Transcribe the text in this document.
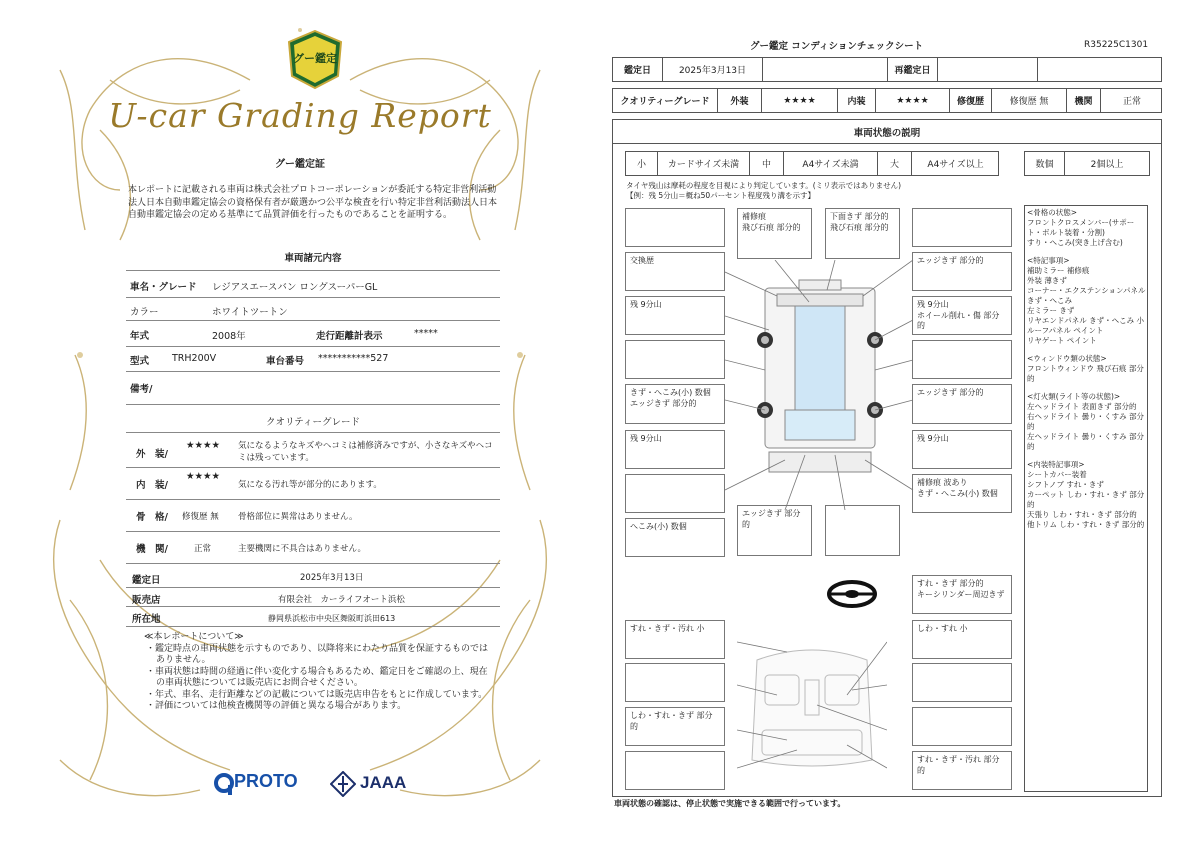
グー鑑定
U-car Grading Report
グー鑑定証
本レポートに記載される車両は株式会社プロトコーポレーションが委託する特定非営利活動法人日本自動車鑑定協会の資格保有者が厳選かつ公平な検査を行い特定非営利活動法人日本自動車鑑定協会の定める基準にて品質評価を行ったものであることを証明する。
車両諸元内容
車名・グレード レジアスエースバン ロングスーパーGL
カラー	ホワイトツートン
年式	2008年	走行距離計表示	*****
型式 TRH200V	車台番号 ***********527
備考/
クオリティーグレード
外　装/
★★★★ 気になるようなキズやヘコミは補修済みですが、小さなキズやヘコミは残っています。
内　装/
★★★★
気になる汚れ等が部分的にあります。
骨　格/ 修復歴 無 骨格部位に異常はありません。
機　関/	正常	主要機関に不具合はありません。
鑑定日	2025年3月13日
販売店	有限会社　カーライフオート浜松
所在地	静岡県浜松市中央区舞阪町浜田613
≪本レポートについて≫
・鑑定時点の車両状態を示すものであり、以降将来にわたり品質を保証するものではありません。
・車両状態は時間の経過に伴い変化する場合もあるため、鑑定日をご確認の上、現在の車両状態については販売店にお問合せください。
・年式、車名、走行距離などの記載については販売店申告をもとに作成しています。
・評価については他検査機関等の評価と異なる場合があります。
PROTO	JAAA
グー鑑定 コンディションチェックシート	R35225C1301
鑑定日	2025年3月13日	再鑑定日
クオリティーグレード	外装	★★★★	内装	★★★★	修復歴	修復歴 無	機関	正常
車両状態の説明
小	カードサイズ未満	中	A4サイズ未満	大	A4サイズ以上	数個	2個以上
タイヤ残山は摩耗の程度を目視により判定しています。(ミリ表示ではありません)
【例：残 5分山＝概ね50パーセント程度残り溝を示す】
補修痕
飛び石痕 部分的
下面きず 部分的
飛び石痕 部分的
交換歴	エッジきず 部分的
残 9分山	残 9分山
ホイール削れ・傷 部分的
きず・へこみ(小) 数個
エッジきず 部分的
エッジきず 部分的
残 9分山	残 9分山
補修痕 波あり
きず・へこみ(小) 数個
へこみ(小) 数個
エッジきず 部分的
すれ・きず 部分的
キーシリンダー周辺きず
すれ・きず・汚れ 小	しわ・すれ 小
しわ・すれ・きず 部分的
すれ・きず・汚れ 部分的

<骨格の状態>
フロントクロスメンバー(サポート・ボルト装着・分割)
すり・へこみ(突き上げ含む)

<特記事項>
補助ミラー 補修痕
外装 薄きず
コーナー・エクステンションパネル きず・へこみ
左ミラー きず
リヤエンドパネル きず・へこみ 小
ルーフパネル ペイント
リヤゲート ペイント

<ウィンドウ類の状態>
フロントウィンドウ 飛び石痕 部分的

<灯火類(ライト等の状態)>
左ヘッドライト 表面きず 部分的
右ヘッドライト 曇り・くすみ 部分的
左ヘッドライト 曇り・くすみ 部分的

<内装特記事項>
シートカバー装着
シフトノブ すれ・きず
カーペット しわ・すれ・きず 部分的
天張り しわ・すれ・きず 部分的
他トリム しわ・すれ・きず 部分的

車両状態の確認は、停止状態で実施できる範囲で行っています。
